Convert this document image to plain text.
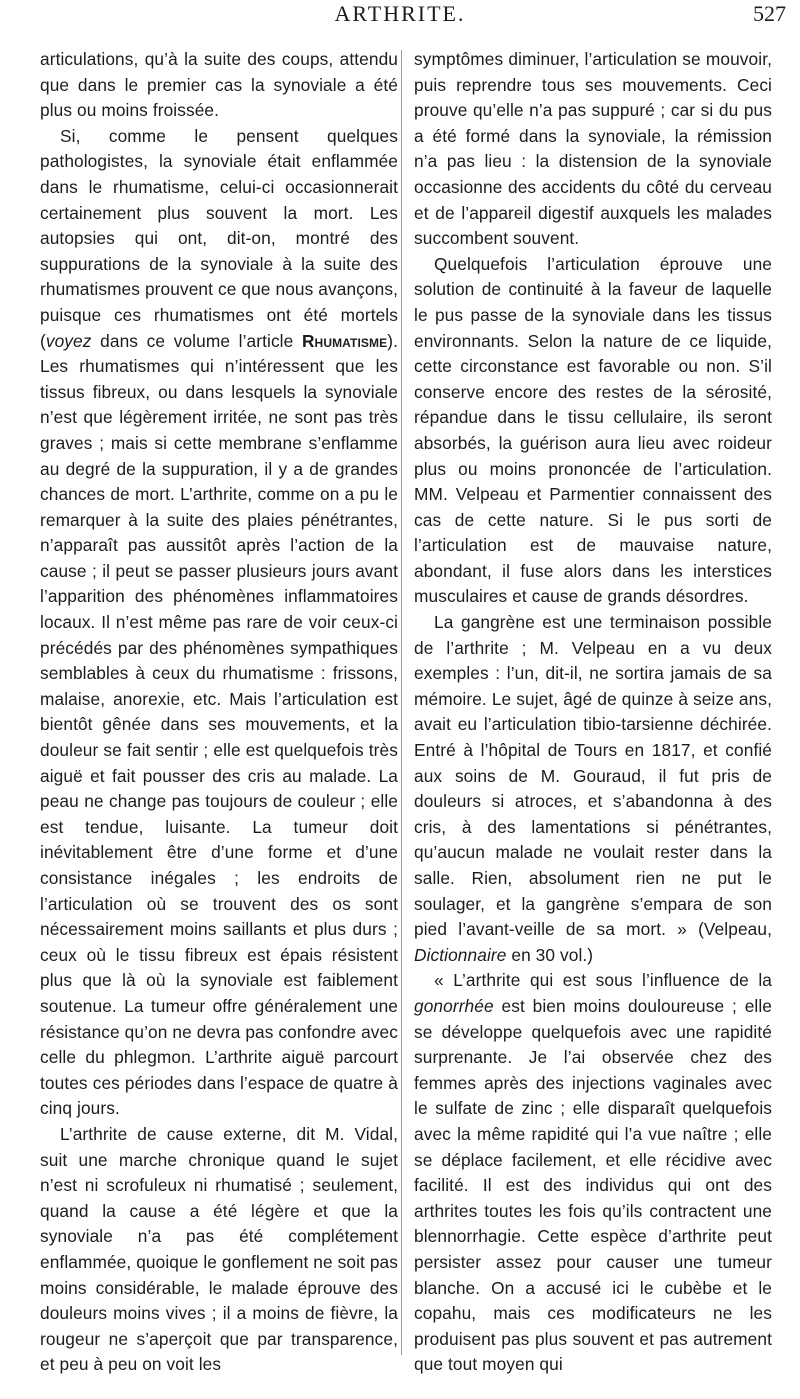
ARTHRITE.	527

articulations, qu’à la suite des coups, attendu que dans le premier cas la synoviale a été plus ou moins froissée.

Si, comme le pensent quelques pathologistes, la synoviale était enflammée dans le rhumatisme, celui-ci occasionnerait certainement plus souvent la mort. Les autopsies qui ont, dit-on, montré des suppurations de la synoviale à la suite des rhumatismes prouvent ce que nous avançons, puisque ces rhumatismes ont été mortels (voyez dans ce volume l’article Rhumatisme). Les rhumatismes qui n’intéressent que les tissus fibreux, ou dans lesquels la synoviale n’est que légèrement irritée, ne sont pas très graves ; mais si cette membrane s’enflamme au degré de la suppuration, il y a de grandes chances de mort. L’arthrite, comme on a pu le remarquer à la suite des plaies pénétrantes, n’apparaît pas aussitôt après l’action de la cause ; il peut se passer plusieurs jours avant l’apparition des phénomènes inflammatoires locaux. Il n’est même pas rare de voir ceux-ci précédés par des phénomènes sympathiques semblables à ceux du rhumatisme : frissons, malaise, anorexie, etc. Mais l’articulation est bientôt gênée dans ses mouvements, et la douleur se fait sentir ; elle est quelquefois très aiguë et fait pousser des cris au malade. La peau ne change pas toujours de couleur ; elle est tendue, luisante. La tumeur doit inévitablement être d’une forme et d’une consistance inégales ; les endroits de l’articulation où se trouvent des os sont nécessairement moins saillants et plus durs ; ceux où le tissu fibreux est épais résistent plus que là où la synoviale est faiblement soutenue. La tumeur offre généralement une résistance qu’on ne devra pas confondre avec celle du phlegmon. L’arthrite aiguë parcourt toutes ces périodes dans l’espace de quatre à cinq jours.

L’arthrite de cause externe, dit M. Vidal, suit une marche chronique quand le sujet n’est ni scrofuleux ni rhumatisé ; seulement, quand la cause a été légère et que la synoviale n’a pas été complétement enflammée, quoique le gonflement ne soit pas moins considérable, le malade éprouve des douleurs moins vives ; il a moins de fièvre, la rougeur ne s’aperçoit que par transparence, et peu à peu on voit les

symptômes diminuer, l’articulation se mouvoir, puis reprendre tous ses mouvements. Ceci prouve qu’elle n’a pas suppuré ; car si du pus a été formé dans la synoviale, la rémission n’a pas lieu : la distension de la synoviale occasionne des accidents du côté du cerveau et de l’appareil digestif auxquels les malades succombent souvent.

Quelquefois l’articulation éprouve une solution de continuité à la faveur de laquelle le pus passe de la synoviale dans les tissus environnants. Selon la nature de ce liquide, cette circonstance est favorable ou non. S’il conserve encore des restes de la sérosité, répandue dans le tissu cellulaire, ils seront absorbés, la guérison aura lieu avec roideur plus ou moins prononcée de l’articulation. MM. Velpeau et Parmentier connaissent des cas de cette nature. Si le pus sorti de l’articulation est de mauvaise nature, abondant, il fuse alors dans les interstices musculaires et cause de grands désordres.

La gangrène est une terminaison possible de l’arthrite ; M. Velpeau en a vu deux exemples : l’un, dit-il, ne sortira jamais de sa mémoire. Le sujet, âgé de quinze à seize ans, avait eu l’articulation tibio-tarsienne déchirée. Entré à l’hôpital de Tours en 1817, et confié aux soins de M. Gouraud, il fut pris de douleurs si atroces, et s’abandonna à des cris, à des lamentations si pénétrantes, qu’aucun malade ne voulait rester dans la salle. Rien, absolument rien ne put le soulager, et la gangrène s’empara de son pied l’avant-veille de sa mort. » (Velpeau, Dictionnaire en 30 vol.)

« L’arthrite qui est sous l’influence de la gonorrhée est bien moins douloureuse ; elle se développe quelquefois avec une rapidité surprenante. Je l’ai observée chez des femmes après des injections vaginales avec le sulfate de zinc ; elle disparaît quelquefois avec la même rapidité qui l’a vue naître ; elle se déplace facilement, et elle récidive avec facilité. Il est des individus qui ont des arthrites toutes les fois qu’ils contractent une blennorrhagie. Cette espèce d’arthrite peut persister assez pour causer une tumeur blanche. On a accusé ici le cubèbe et le copahu, mais ces modificateurs ne les produisent pas plus souvent et pas autrement que tout moyen qui
